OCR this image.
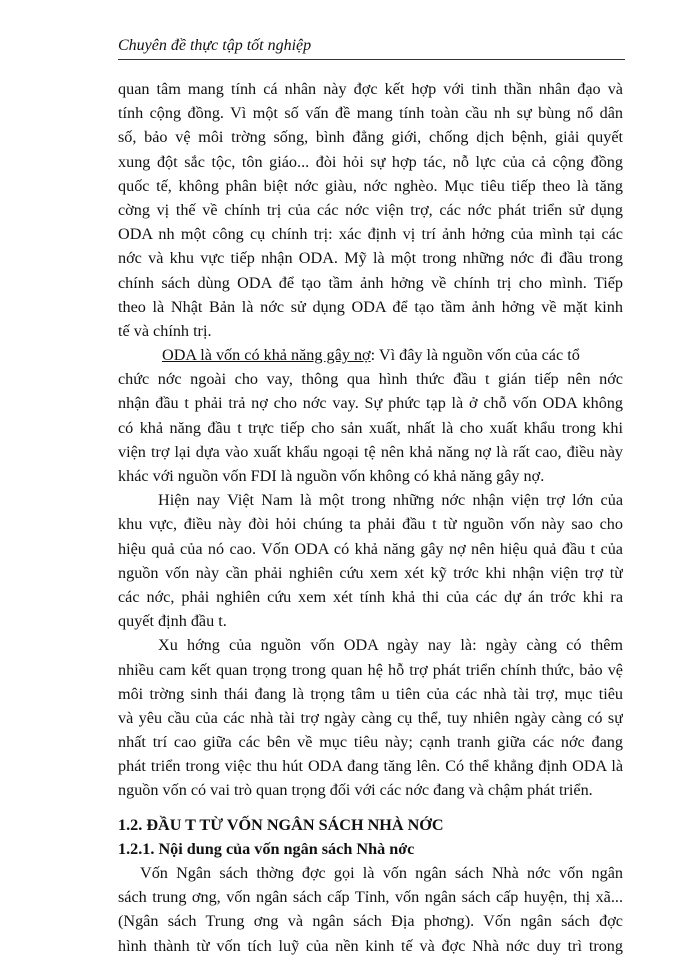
Chuyên đề thực tập tốt nghiệp
quan tâm mang tính cá nhân này đợc kết hợp với tinh thần nhân đạo và
tính cộng đồng. Vì một số vấn đề mang tính toàn cầu nh sự bùng nổ dân
số, bảo vệ môi trờng sống, bình đẳng giới, chống dịch bệnh, giải quyết
xung đột sắc tộc, tôn giáo... đòi hỏi sự hợp tác, nỗ lực của cả cộng đồng
quốc tế, không phân biệt nớc giàu, nớc nghèo. Mục tiêu tiếp theo là tăng
cờng vị thế về chính trị của các nớc viện trợ, các nớc phát triển sử dụng
ODA nh một công cụ chính trị: xác định vị trí ảnh hởng của mình tại các
nớc và khu vực tiếp nhận ODA. Mỹ là một trong những nớc đi đầu trong
chính sách dùng ODA để tạo tầm ảnh hởng về chính trị cho mình. Tiếp
theo là Nhật Bản là nớc sử dụng ODA để tạo tầm ảnh hởng về mặt kinh
tế và chính trị.
ODA là vốn có khả năng gây nợ: Vì đây là nguồn vốn của các tổ
chức nớc ngoài cho vay, thông qua hình thức đầu t gián tiếp nên nớc
nhận đầu t phải trả nợ cho nớc vay. Sự phức tạp là ở chỗ vốn ODA không
có khả năng đầu t trực tiếp cho sản xuất, nhất là cho xuất khẩu trong khi
viện trợ lại dựa vào xuất khẩu ngoại tệ nên khả năng nợ là rất cao, điều này
khác với nguồn vốn FDI là nguồn vốn không có khả năng gây nợ.
Hiện nay Việt Nam là một trong những nớc nhận viện trợ lớn của
khu vực, điều này đòi hỏi chúng ta phải đầu t từ nguồn vốn này sao cho
hiệu quả của nó cao. Vốn ODA có khả năng gây nợ nên hiệu quả đầu t của
nguồn vốn này cần phải nghiên cứu xem xét kỹ trớc khi nhận viện trợ từ
các nớc, phải nghiên cứu xem xét tính khả thi của các dự án trớc khi ra
quyết định đầu t.
Xu hớng của nguồn vốn ODA ngày nay là: ngày càng có thêm
nhiều cam kết quan trọng trong quan hệ hỗ trợ phát triển chính thức, bảo vệ
môi trờng sinh thái đang là trọng tâm u tiên của các nhà tài trợ, mục tiêu
và yêu cầu của các nhà tài trợ ngày càng cụ thể, tuy nhiên ngày càng có sự
nhất trí cao giữa các bên về mục tiêu này; cạnh tranh giữa các nớc đang
phát triển trong việc thu hút ODA đang tăng lên. Có thể khẳng định ODA là
nguồn vốn có vai trò quan trọng đối với các nớc đang và chậm phát triển.
1.2. ĐẦU T TỪ VỐN NGÂN SÁCH NHÀ NỚC
1.2.1. Nội dung của vốn ngân sách Nhà nớc
Vốn Ngân sách thờng đợc gọi là vốn ngân sách Nhà nớc vốn ngân
sách trung ơng, vốn ngân sách cấp Tỉnh, vốn ngân sách cấp huyện, thị xã...
(Ngân sách Trung ơng và ngân sách Địa phơng). Vốn ngân sách đợc
hình thành từ vốn tích luỹ của nền kinh tế và đợc Nhà nớc duy trì trong
